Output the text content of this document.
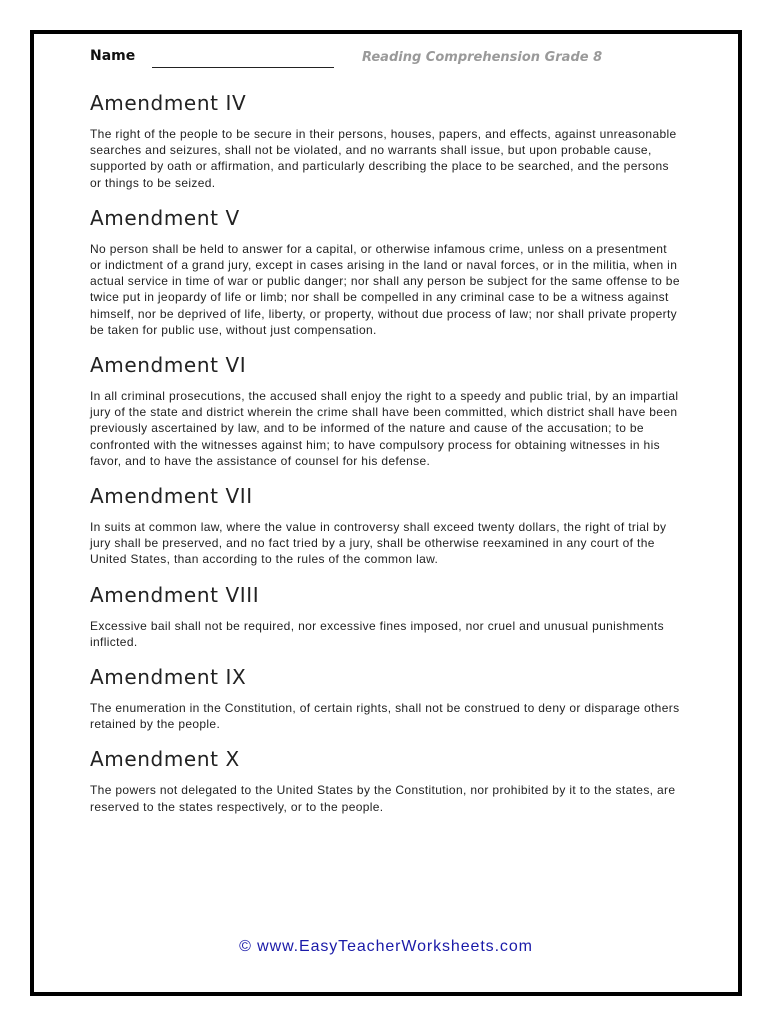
Name	Reading Comprehension Grade 8
Amendment IV

The right of the people to be secure in their persons, houses, papers, and effects, against unreasonable searches and seizures, shall not be violated, and no warrants shall issue, but upon probable cause, supported by oath or affirmation, and particularly describing the place to be searched, and the persons or things to be seized.

Amendment V

No person shall be held to answer for a capital, or otherwise infamous crime, unless on a presentment or indictment of a grand jury, except in cases arising in the land or naval forces, or in the militia, when in actual service in time of war or public danger; nor shall any person be subject for the same offense to be twice put in jeopardy of life or limb; nor shall be compelled in any criminal case to be a witness against himself, nor be deprived of life, liberty, or property, without due process of law; nor shall private property be taken for public use, without just compensation.

Amendment VI

In all criminal prosecutions, the accused shall enjoy the right to a speedy and public trial, by an impartial jury of the state and district wherein the crime shall have been committed, which district shall have been previously ascertained by law, and to be informed of the nature and cause of the accusation; to be confronted with the witnesses against him; to have compulsory process for obtaining witnesses in his favor, and to have the assistance of counsel for his defense.

Amendment VII

In suits at common law, where the value in controversy shall exceed twenty dollars, the right of trial by jury shall be preserved, and no fact tried by a jury, shall be otherwise reexamined in any court of the United States, than according to the rules of the common law.

Amendment VIII

Excessive bail shall not be required, nor excessive fines imposed, nor cruel and unusual punishments inflicted.

Amendment IX

The enumeration in the Constitution, of certain rights, shall not be construed to deny or disparage others retained by the people.

Amendment X

The powers not delegated to the United States by the Constitution, nor prohibited by it to the states, are reserved to the states respectively, or to the people.

© www.EasyTeacherWorksheets.com
